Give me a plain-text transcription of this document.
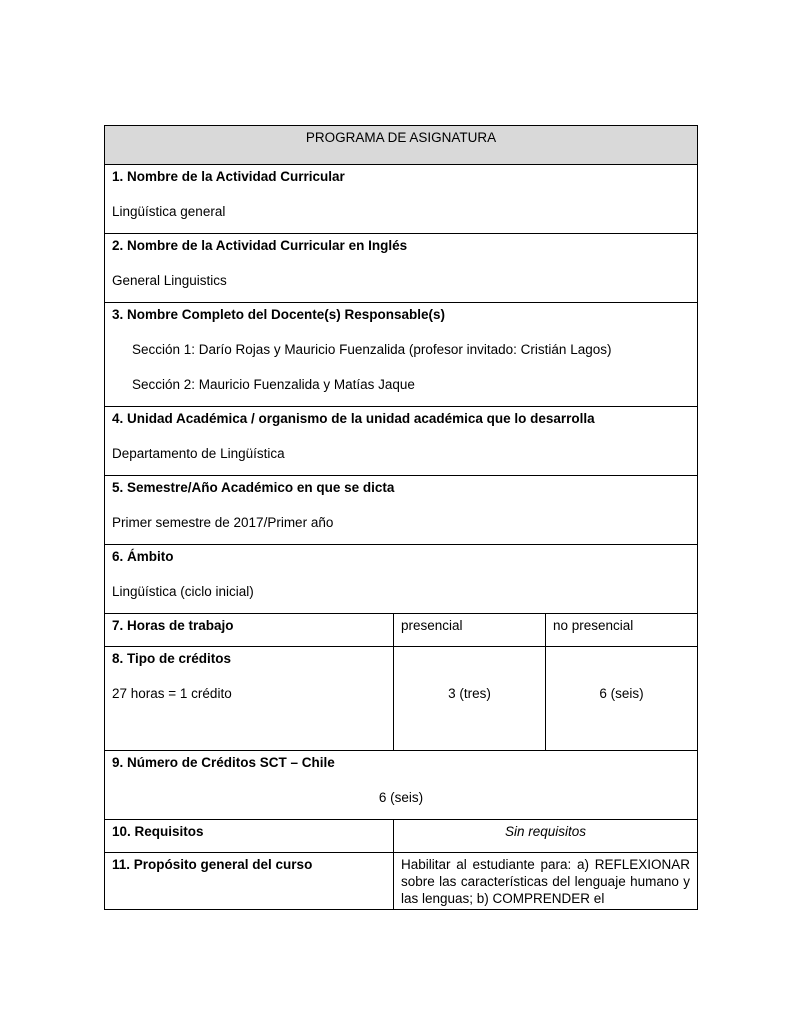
PROGRAMA DE ASIGNATURA		

1. Nombre de la Actividad Curricular
Lingüística general		

2. Nombre de la Actividad Curricular en Inglés
General Linguistics		

3. Nombre Completo del Docente(s) Responsable(s)
Sección 1: Darío Rojas y Mauricio Fuenzalida (profesor invitado: Cristián Lagos)
Sección 2: Mauricio Fuenzalida y Matías Jaque		

4. Unidad Académica / organismo de la unidad académica que lo desarrolla
Departamento de Lingüística		

5. Semestre/Año Académico en que se dicta
Primer semestre de 2017/Primer año		

6. Ámbito
Lingüística (ciclo inicial)		

7. Horas de trabajo	presencial	no presencial

8. Tipo de créditos
27 horas = 1 crédito	3 (tres)	6 (seis)

9. Número de Créditos SCT – Chile
6 (seis)		

10. Requisitos	Sin requisitos	

11. Propósito general del curso	Habilitar al estudiante para: a) REFLEXIONAR sobre las características del lenguaje humano y las lenguas; b) COMPRENDER el	
